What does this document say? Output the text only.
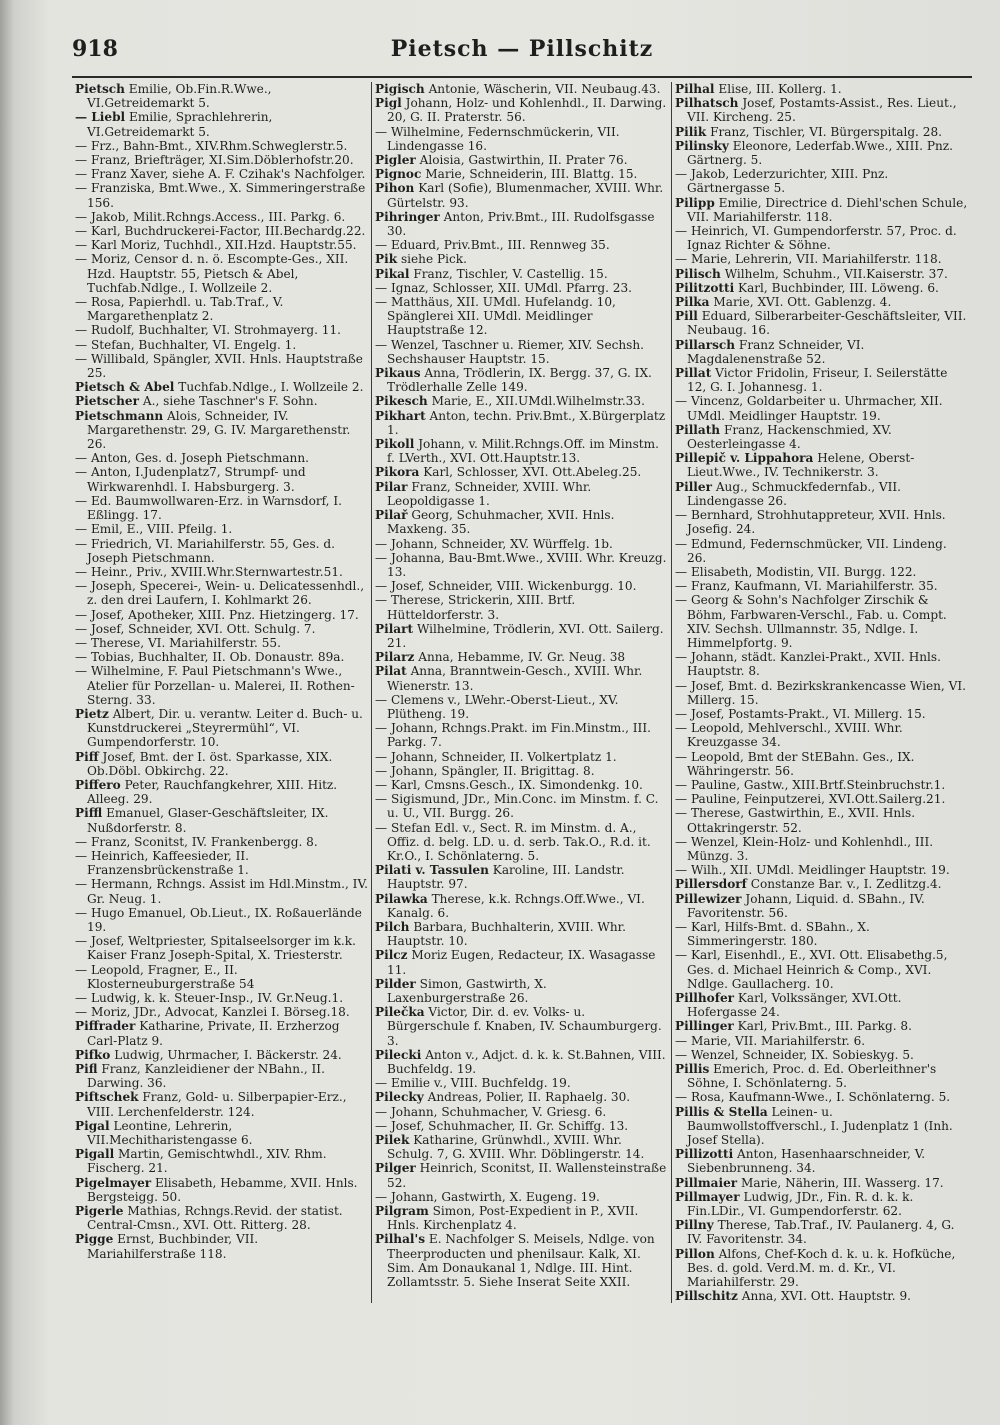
918	Pietsch — Pillschitz

Pietsch Emilie, Ob.Fin.R.Wwe., VI.Getreidemarkt 5.

— Liebl Emilie, Sprachlehrerin, VI.Getreidemarkt 5.

— Frz., Bahn-Bmt., XIV.Rhm.Schweglerstr.5.

— Franz, Briefträger, XI.Sim.Döblerhofstr.20.

— Franz Xaver, siehe A. F. Czihak's Nachfolger.

— Franziska, Bmt.Wwe., X. Simmeringerstraße 156.

— Jakob, Milit.Rchngs.Access., III. Parkg. 6.

— Karl, Buchdruckerei-Factor, III.Bechardg.22.

— Karl Moriz, Tuchhdl., XII.Hzd. Hauptstr.55.

— Moriz, Censor d. n. ö. Escompte-Ges., XII. Hzd. Hauptstr. 55, Pietsch & Abel, Tuchfab.Ndlge., I. Wollzeile 2.

— Rosa, Papierhdl. u. Tab.Traf., V. Margarethenplatz 2.

— Rudolf, Buchhalter, VI. Strohmayerg. 11.

— Stefan, Buchhalter, VI. Engelg. 1.

— Willibald, Spängler, XVII. Hnls. Hauptstraße 25.

Pietsch & Abel Tuchfab.Ndlge., I. Wollzeile 2.

Pietscher A., siehe Taschner's F. Sohn.

Pietschmann Alois, Schneider, IV. Margarethenstr. 29, G. IV. Margarethenstr. 26.

— Anton, Ges. d. Joseph Pietschmann.

— Anton, I.Judenplatz7, Strumpf- und Wirkwarenhdl. I. Habsburgerg. 3.

— Ed. Baumwollwaren-Erz. in Warnsdorf, I. Eßlingg. 17.

— Emil, E., VIII. Pfeilg. 1.

— Friedrich, VI. Mariahilferstr. 55, Ges. d. Joseph Pietschmann.

— Heinr., Priv., XVIII.Whr.Sternwartestr.51.

— Joseph, Specerei-, Wein- u. Delicatessenhdl., z. den drei Laufern, I. Kohlmarkt 26.

— Josef, Apotheker, XIII. Pnz. Hietzingerg. 17.

— Josef, Schneider, XVI. Ott. Schulg. 7.

— Therese, VI. Mariahilferstr. 55.

— Tobias, Buchhalter, II. Ob. Donaustr. 89a.

— Wilhelmine, F. Paul Pietschmann's Wwe., Atelier für Porzellan- u. Malerei, II. Rothen-Sterng. 33.

Pietz Albert, Dir. u. verantw. Leiter d. Buch- u. Kunstdruckerei „Steyrermühl“, VI. Gumpendorferstr. 10.

Piff Josef, Bmt. der I. öst. Sparkasse, XIX. Ob.Döbl. Obkirchg. 22.

Piffero Peter, Rauchfangkehrer, XIII. Hitz. Alleeg. 29.

Piffl Emanuel, Glaser-Geschäftsleiter, IX. Nußdorferstr. 8.

— Franz, Sconitst, IV. Frankenbergg. 8.

— Heinrich, Kaffeesieder, II. Franzensbrückenstraße 1.

— Hermann, Rchngs. Assist im Hdl.Minstm., IV. Gr. Neug. 1.

— Hugo Emanuel, Ob.Lieut., IX. Roßauerlände 19.

— Josef, Weltpriester, Spitalseelsorger im k.k. Kaiser Franz Joseph-Spital, X. Triesterstr.

— Leopold, Fragner, E., II. Klosterneuburgerstraße 54

— Ludwig, k. k. Steuer-Insp., IV. Gr.Neug.1.

— Moriz, JDr., Advocat, Kanzlei I. Börseg.18.

Piffrader Katharine, Private, II. Erzherzog Carl-Platz 9.

Pifko Ludwig, Uhrmacher, I. Bäckerstr. 24.

Pifl Franz, Kanzleidiener der NBahn., II. Darwing. 36.

Piftschek Franz, Gold- u. Silberpapier-Erz., VIII. Lerchenfelderstr. 124.

Pigal Leontine, Lehrerin, VII.Mechitharistengasse 6.

Pigall Martin, Gemischtwhdl., XIV. Rhm. Fischerg. 21.

Pigelmayer Elisabeth, Hebamme, XVII. Hnls. Bergsteigg. 50.

Pigerle Mathias, Rchngs.Revid. der statist. Central-Cmsn., XVI. Ott. Ritterg. 28.

Pigge Ernst, Buchbinder, VII. Mariahilferstraße 118.

Pigisch Antonie, Wäscherin, VII. Neubaug.43.

Pigl Johann, Holz- und Kohlenhdl., II. Darwing. 20, G. II. Praterstr. 56.

— Wilhelmine, Federnschmückerin, VII. Lindengasse 16.

Pigler Aloisia, Gastwirthin, II. Prater 76.

Pignoc Marie, Schneiderin, III. Blattg. 15.

Pihon Karl (Sofie), Blumenmacher, XVIII. Whr. Gürtelstr. 93.

Pihringer Anton, Priv.Bmt., III. Rudolfsgasse 30.

— Eduard, Priv.Bmt., III. Rennweg 35.

Pik siehe Pick.

Pikal Franz, Tischler, V. Castellig. 15.

— Ignaz, Schlosser, XII. UMdl. Pfarrg. 23.

— Matthäus, XII. UMdl. Hufelandg. 10, Spänglerei XII. UMdl. Meidlinger Hauptstraße 12.

— Wenzel, Taschner u. Riemer, XIV. Sechsh. Sechshauser Hauptstr. 15.

Pikaus Anna, Trödlerin, IX. Bergg. 37, G. IX. Trödlerhalle Zelle 149.

Pikesch Marie, E., XII.UMdl.Wilhelmstr.33.

Pikhart Anton, techn. Priv.Bmt., X.Bürgerplatz 1.

Pikoll Johann, v. Milit.Rchngs.Off. im Minstm. f. LVerth., XVI. Ott.Hauptstr.13.

Pikora Karl, Schlosser, XVI. Ott.Abeleg.25.

Pilar Franz, Schneider, XVIII. Whr. Leopoldigasse 1.

Pilař Georg, Schuhmacher, XVII. Hnls. Maxkeng. 35.

— Johann, Schneider, XV. Würffelg. 1b.

— Johanna, Bau-Bmt.Wwe., XVIII. Whr. Kreuzg. 13.

— Josef, Schneider, VIII. Wickenburgg. 10.

— Therese, Strickerin, XIII. Brtf. Hütteldorferstr. 3.

Pilart Wilhelmine, Trödlerin, XVI. Ott. Sailerg. 21.

Pilarz Anna, Hebamme, IV. Gr. Neug. 38

Pilat Anna, Branntwein-Gesch., XVIII. Whr. Wienerstr. 13.

— Clemens v., LWehr.-Oberst-Lieut., XV. Plütheng. 19.

— Johann, Rchngs.Prakt. im Fin.Minstm., III. Parkg. 7.

— Johann, Schneider, II. Volkertplatz 1.

— Johann, Spängler, II. Brigittag. 8.

— Karl, Cmsns.Gesch., IX. Simondenkg. 10.

— Sigismund, JDr., Min.Conc. im Minstm. f. C. u. U., VII. Burgg. 26.

— Stefan Edl. v., Sect. R. im Minstm. d. A., Offiz. d. belg. LD. u. d. serb. Tak.O., R.d. it. Kr.O., I. Schönlaterng. 5.

Pilati v. Tassulen Karoline, III. Landstr. Hauptstr. 97.

Pilawka Therese, k.k. Rchngs.Off.Wwe., VI. Kanalg. 6.

Pilch Barbara, Buchhalterin, XVIII. Whr. Hauptstr. 10.

Pilcz Moriz Eugen, Redacteur, IX. Wasagasse 11.

Pilder Simon, Gastwirth, X. Laxenburgerstraße 26.

Pilečka Victor, Dir. d. ev. Volks- u. Bürgerschule f. Knaben, IV. Schaumburgerg. 3.

Pilecki Anton v., Adjct. d. k. k. St.Bahnen, VIII. Buchfeldg. 19.

— Emilie v., VIII. Buchfeldg. 19.

Pilecky Andreas, Polier, II. Raphaelg. 30.

— Johann, Schuhmacher, V. Griesg. 6.

— Josef, Schuhmacher, II. Gr. Schiffg. 13.

Pilek Katharine, Grünwhdl., XVIII. Whr. Schulg. 7, G. XVIII. Whr. Döblingerstr. 14.

Pilger Heinrich, Sconitst, II. Wallensteinstraße 52.

— Johann, Gastwirth, X. Eugeng. 19.

Pilgram Simon, Post-Expedient in P., XVII. Hnls. Kirchenplatz 4.

Pilhal's E. Nachfolger S. Meisels, Ndlge. von Theerproducten und phenilsaur. Kalk, XI. Sim. Am Donaukanal 1, Ndlge. III. Hint. Zollamtsstr. 5. Siehe Inserat Seite XXII.

Pilhal Elise, III. Kollerg. 1.

Pilhatsch Josef, Postamts-Assist., Res. Lieut., VII. Kircheng. 25.

Pilik Franz, Tischler, VI. Bürgerspitalg. 28.

Pilinsky Eleonore, Lederfab.Wwe., XIII. Pnz. Gärtnerg. 5.

— Jakob, Lederzurichter, XIII. Pnz. Gärtnergasse 5.

Pilipp Emilie, Directrice d. Diehl'schen Schule, VII. Mariahilferstr. 118.

— Heinrich, VI. Gumpendorferstr. 57, Proc. d. Ignaz Richter & Söhne.

— Marie, Lehrerin, VII. Mariahilferstr. 118.

Pilisch Wilhelm, Schuhm., VII.Kaiserstr. 37.

Pilitzotti Karl, Buchbinder, III. Löweng. 6.

Pilka Marie, XVI. Ott. Gablenzg. 4.

Pill Eduard, Silberarbeiter-Geschäftsleiter, VII. Neubaug. 16.

Pillarsch Franz Schneider, VI. Magdalenenstraße 52.

Pillat Victor Fridolin, Friseur, I. Seilerstätte 12, G. I. Johannesg. 1.

— Vincenz, Goldarbeiter u. Uhrmacher, XII. UMdl. Meidlinger Hauptstr. 19.

Pillath Franz, Hackenschmied, XV. Oesterleingasse 4.

Pillepič v. Lippahora Helene, Oberst-Lieut.Wwe., IV. Technikerstr. 3.

Piller Aug., Schmuckfedernfab., VII. Lindengasse 26.

— Bernhard, Strohhutappreteur, XVII. Hnls. Josefig. 24.

— Edmund, Federnschmücker, VII. Lindeng. 26.

— Elisabeth, Modistin, VII. Burgg. 122.

— Franz, Kaufmann, VI. Mariahilferstr. 35.

— Georg & Sohn's Nachfolger Zirschik & Böhm, Farbwaren-Verschl., Fab. u. Compt. XIV. Sechsh. Ullmannstr. 35, Ndlge. I. Himmelpfortg. 9.

— Johann, städt. Kanzlei-Prakt., XVII. Hnls. Hauptstr. 8.

— Josef, Bmt. d. Bezirkskrankencasse Wien, VI. Millerg. 15.

— Josef, Postamts-Prakt., VI. Millerg. 15.

— Leopold, Mehlverschl., XVIII. Whr. Kreuzgasse 34.

— Leopold, Bmt der StEBahn. Ges., IX. Währingerstr. 56.

— Pauline, Gastw., XIII.Brtf.Steinbruchstr.1.

— Pauline, Feinputzerei, XVI.Ott.Sailerg.21.

— Therese, Gastwirthin, E., XVII. Hnls. Ottakringerstr. 52.

— Wenzel, Klein-Holz- und Kohlenhdl., III. Münzg. 3.

— Wilh., XII. UMdl. Meidlinger Hauptstr. 19.

Pillersdorf Constanze Bar. v., I. Zedlitzg.4.

Pillewizer Johann, Liquid. d. SBahn., IV. Favoritenstr. 56.

— Karl, Hilfs-Bmt. d. SBahn., X. Simmeringerstr. 180.

— Karl, Eisenhdl., E., XVI. Ott. Elisabethg.5, Ges. d. Michael Heinrich & Comp., XVI. Ndlge. Gaullacherg. 10.

Pillhofer Karl, Volkssänger, XVI.Ott. Hofergasse 24.

Pillinger Karl, Priv.Bmt., III. Parkg. 8.

— Marie, VII. Mariahilferstr. 6.

— Wenzel, Schneider, IX. Sobieskyg. 5.

Pillis Emerich, Proc. d. Ed. Oberleithner's Söhne, I. Schönlaterng. 5.

— Rosa, Kaufmann-Wwe., I. Schönlaterng. 5.

Pillis & Stella Leinen- u. Baumwollstoffverschl., I. Judenplatz 1 (Inh. Josef Stella).

Pillizotti Anton, Hasenhaarschneider, V. Siebenbrunneng. 34.

Pillmaier Marie, Näherin, III. Wasserg. 17.

Pillmayer Ludwig, JDr., Fin. R. d. k. k. Fin.LDir., VI. Gumpendorferstr. 62.

Pillny Therese, Tab.Traf., IV. Paulanerg. 4, G. IV. Favoritenstr. 34.

Pillon Alfons, Chef-Koch d. k. u. k. Hofküche, Bes. d. gold. Verd.M. m. d. Kr., VI. Mariahilferstr. 29.

Pillschitz Anna, XVI. Ott. Hauptstr. 9.
